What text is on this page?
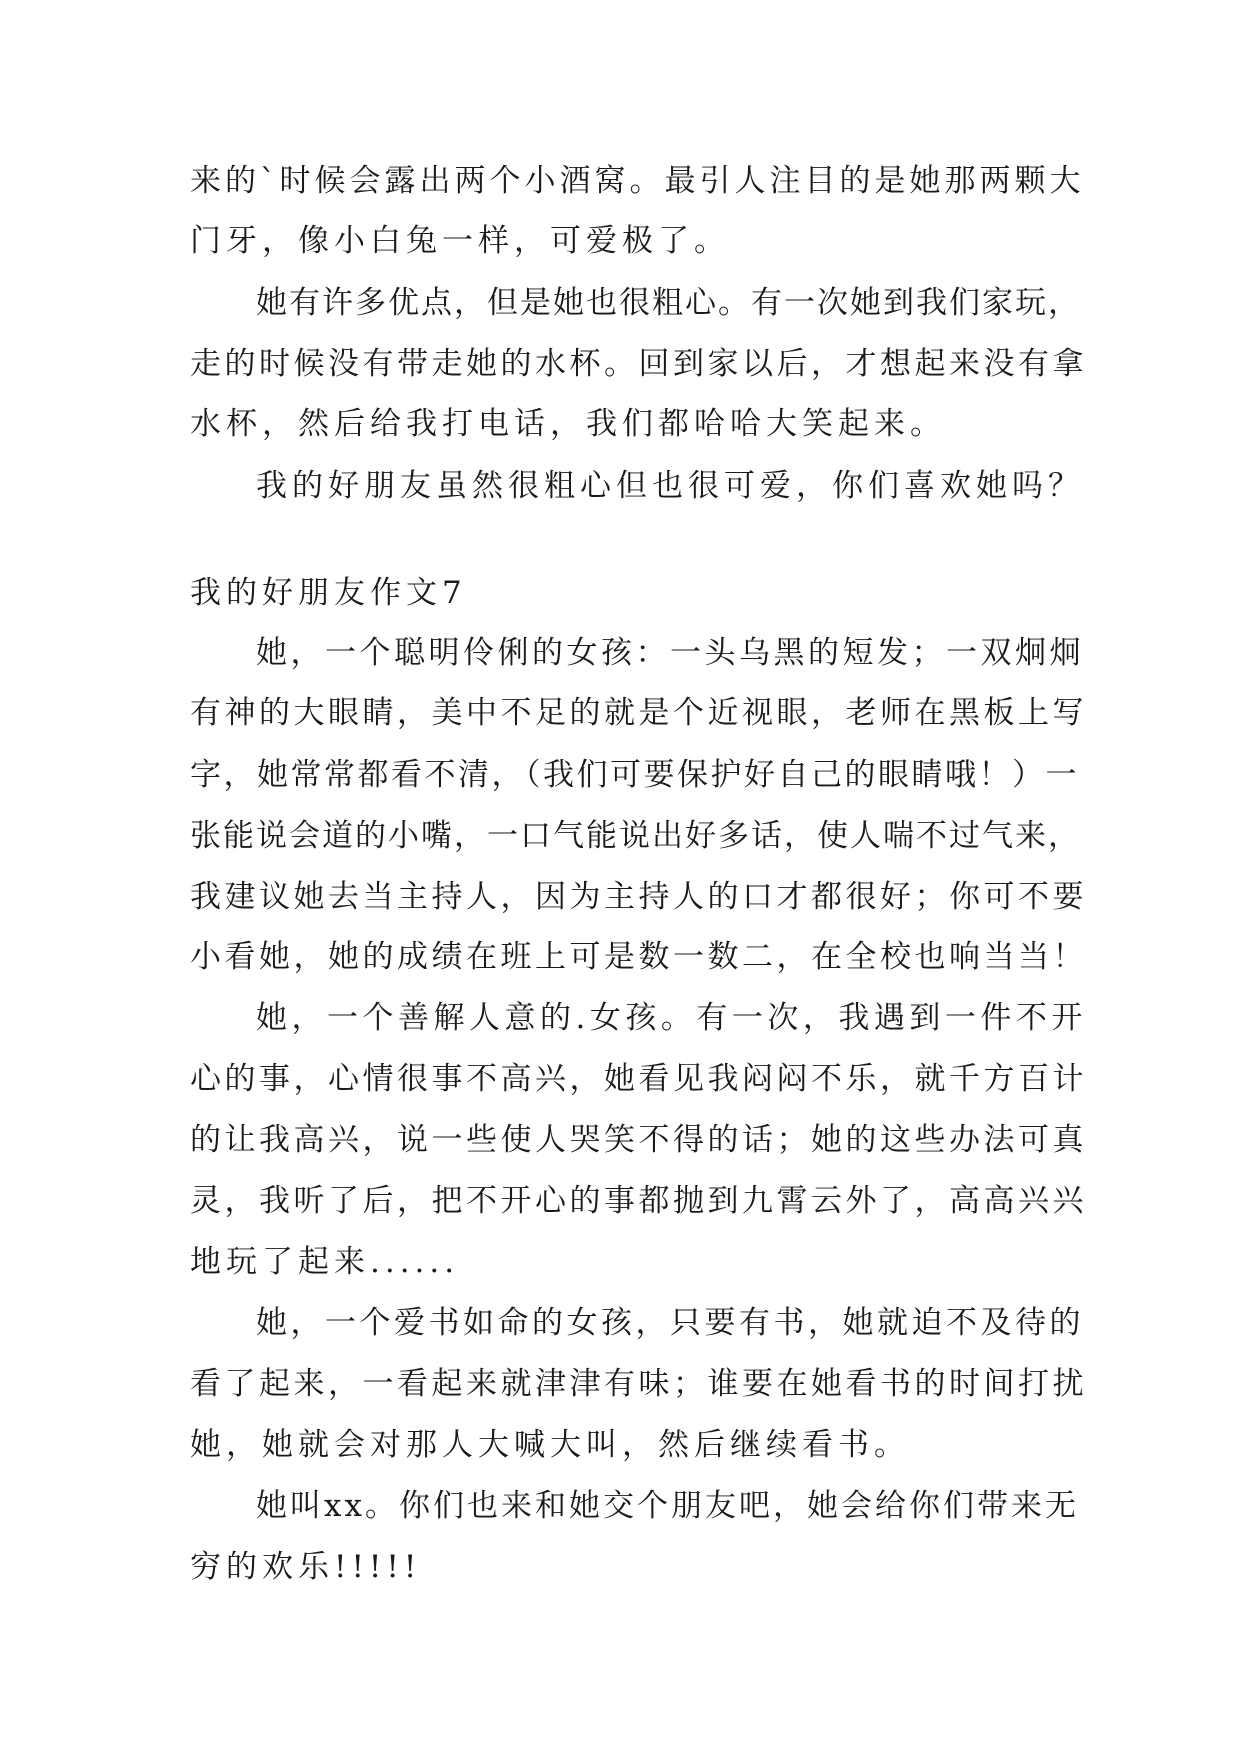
来的`时候会露出两个小酒窝。最引人注目的是她那两颗大
门牙，像小白兔一样，可爱极了。
她有许多优点，但是她也很粗心。有一次她到我们家玩，
走的时候没有带走她的水杯。回到家以后，才想起来没有拿
水杯，然后给我打电话，我们都哈哈大笑起来。
我的好朋友虽然很粗心但也很可爱，你们喜欢她吗？
我的好朋友作文7
她，一个聪明伶俐的女孩：一头乌黑的短发；一双炯炯
有神的大眼睛，美中不足的就是个近视眼，老师在黑板上写
字，她常常都看不清，（我们可要保护好自己的眼睛哦！）一
张能说会道的小嘴，一口气能说出好多话，使人喘不过气来，
我建议她去当主持人，因为主持人的口才都很好；你可不要
小看她，她的成绩在班上可是数一数二，在全校也响当当！
她，一个善解人意的.女孩。有一次，我遇到一件不开
心的事，心情很事不高兴，她看见我闷闷不乐，就千方百计
的让我高兴，说一些使人哭笑不得的话；她的这些办法可真
灵，我听了后，把不开心的事都抛到九霄云外了，高高兴兴
地玩了起来......
她，一个爱书如命的女孩，只要有书，她就迫不及待的
看了起来，一看起来就津津有味；谁要在她看书的时间打扰
她，她就会对那人大喊大叫，然后继续看书。
她叫xx。你们也来和她交个朋友吧，她会给你们带来无
穷的欢乐!!!!!
